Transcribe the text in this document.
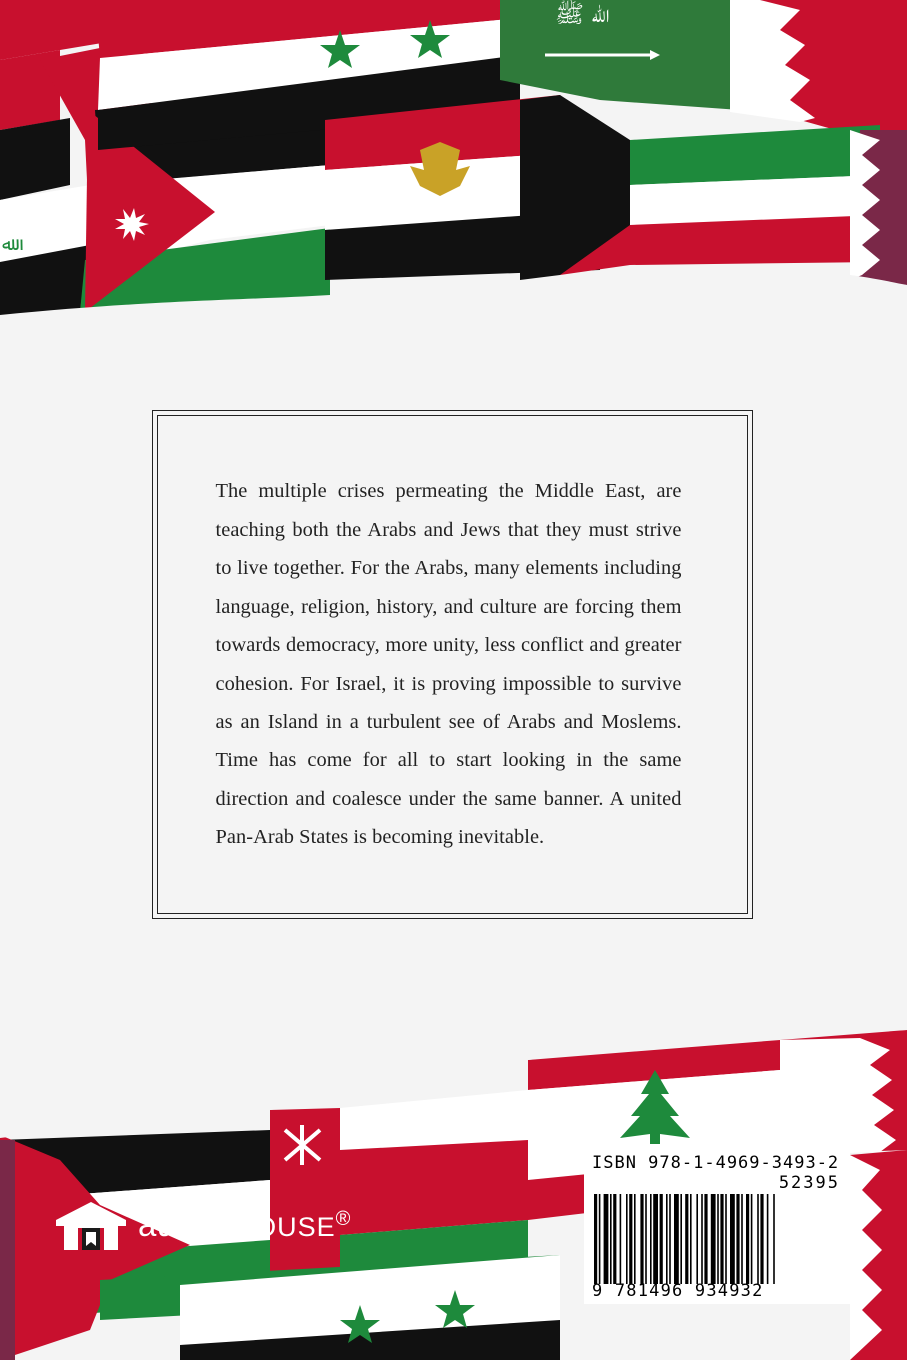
ﷲ
ﷲ ﷺ

The multiple crises permeating the Middle East, are teaching both the Arabs and Jews that they must strive to live together. For the Arabs, many elements including language, religion, history, and culture are forcing them towards democracy, more unity, less conflict and greater cohesion. For Israel, it is proving impossible to survive as an Island in a turbulent see of Arabs and Moslems. Time has come for all to start looking in the same direction and coalesce under the same banner. A united Pan-Arab States is becoming inevitable.

authorHOUSE®
ISBN 978-1-4969-3493-2
52395
9 781496 934932
